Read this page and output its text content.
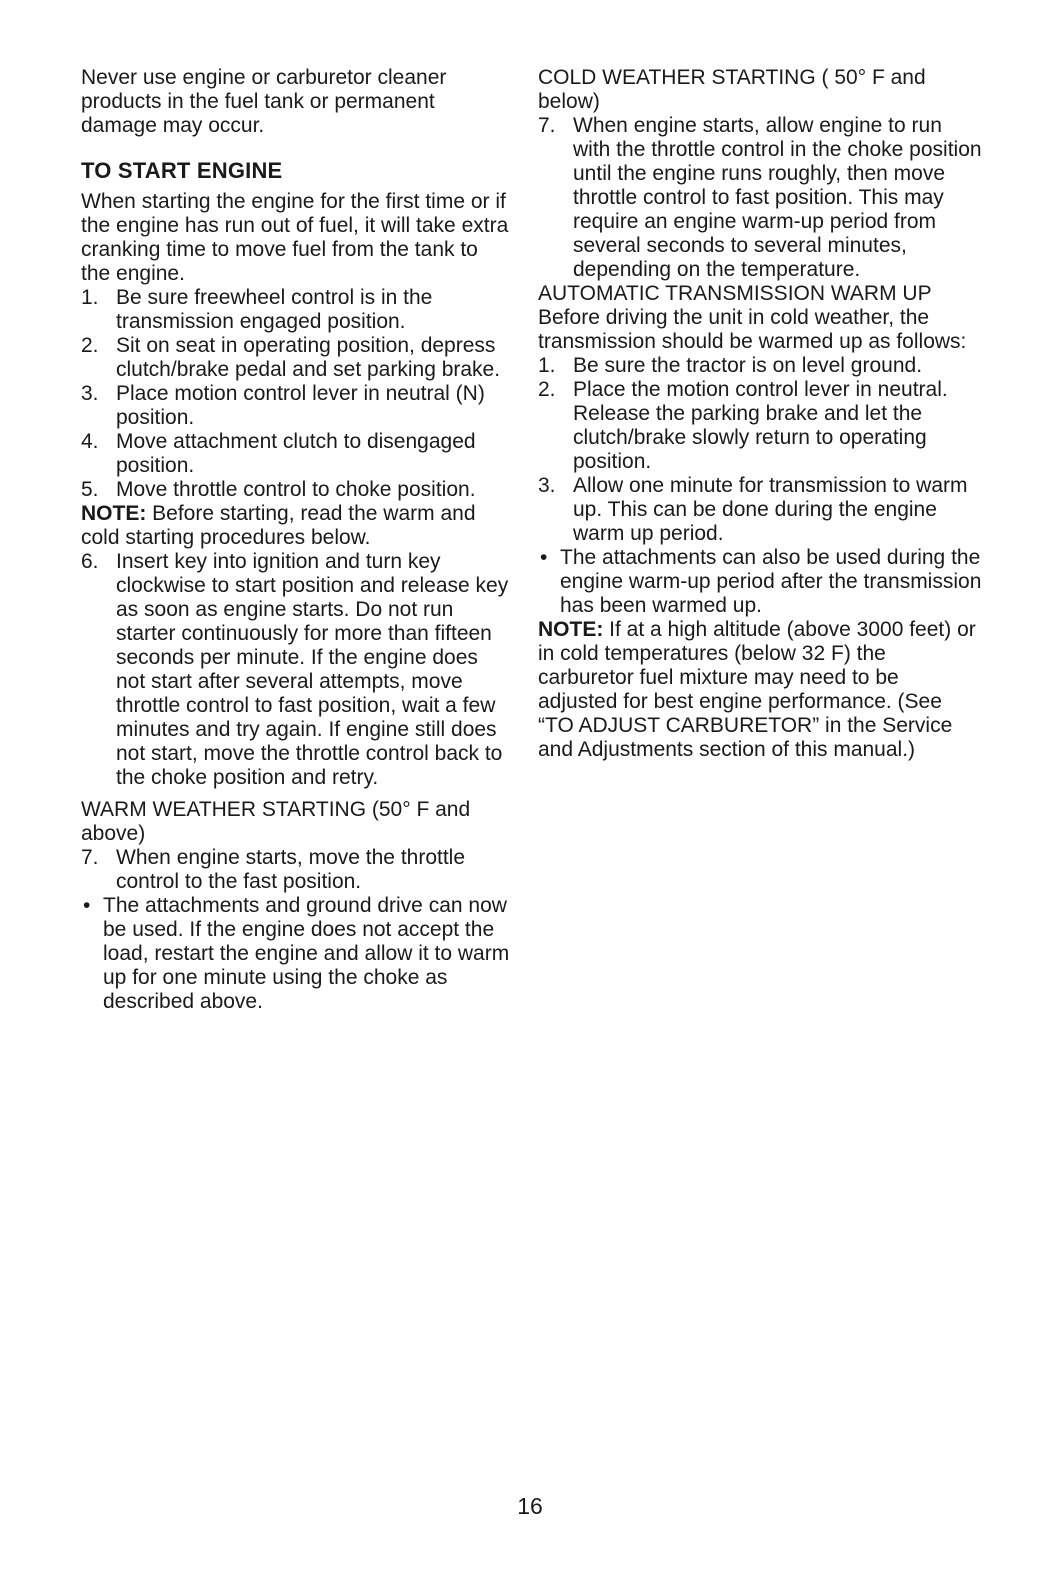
Never use engine or carburetor cleaner products in the fuel tank or permanent damage may occur.

TO START ENGINE

When starting the engine for the first time or if the engine has run out of fuel, it will take extra cranking time to move fuel from the tank to the engine.

1. Be sure freewheel control is in the transmission engaged position.
2. Sit on seat in operating position, depress clutch/brake pedal and set parking brake.
3. Place motion control lever in neutral (N) position.
4. Move attachment clutch to disengaged position.
5. Move throttle control to choke position.

NOTE: Before starting, read the warm and cold starting procedures below.

6. Insert key into ignition and turn key clockwise to start position and release key as soon as engine starts. Do not run starter continuously for more than fifteen seconds per minute. If the engine does not start after several attempts, move throttle control to fast position, wait a few minutes and try again. If engine still does not start, move the throttle control back to the choke position and retry.

WARM WEATHER STARTING (50° F and above)

7. When engine starts, move the throttle control to the fast position.
• The attachments and ground drive can now be used. If the engine does not accept the load, restart the engine and allow it to warm up for one minute using the choke as described above.

COLD WEATHER STARTING ( 50° F and below)

7. When engine starts, allow engine to run with the throttle control in the choke position until the engine runs roughly, then move throttle control to fast position. This may require an engine warm-up period from several seconds to several minutes, depending on the temperature.

AUTOMATIC TRANSMISSION WARM UP

Before driving the unit in cold weather, the transmission should be warmed up as follows:

1. Be sure the tractor is on level ground.
2. Place the motion control lever in neutral. Release the parking brake and let the clutch/brake slowly return to operating position.
3. Allow one minute for transmission to warm up. This can be done during the engine warm up period.
• The attachments can also be used during the engine warm-up period after the transmission has been warmed up.

NOTE: If at a high altitude (above 3000 feet) or in cold temperatures (below 32 F) the carburetor fuel mixture may need to be adjusted for best engine performance. (See “TO ADJUST CARBURETOR” in the Service and Adjustments section of this manual.)

16
